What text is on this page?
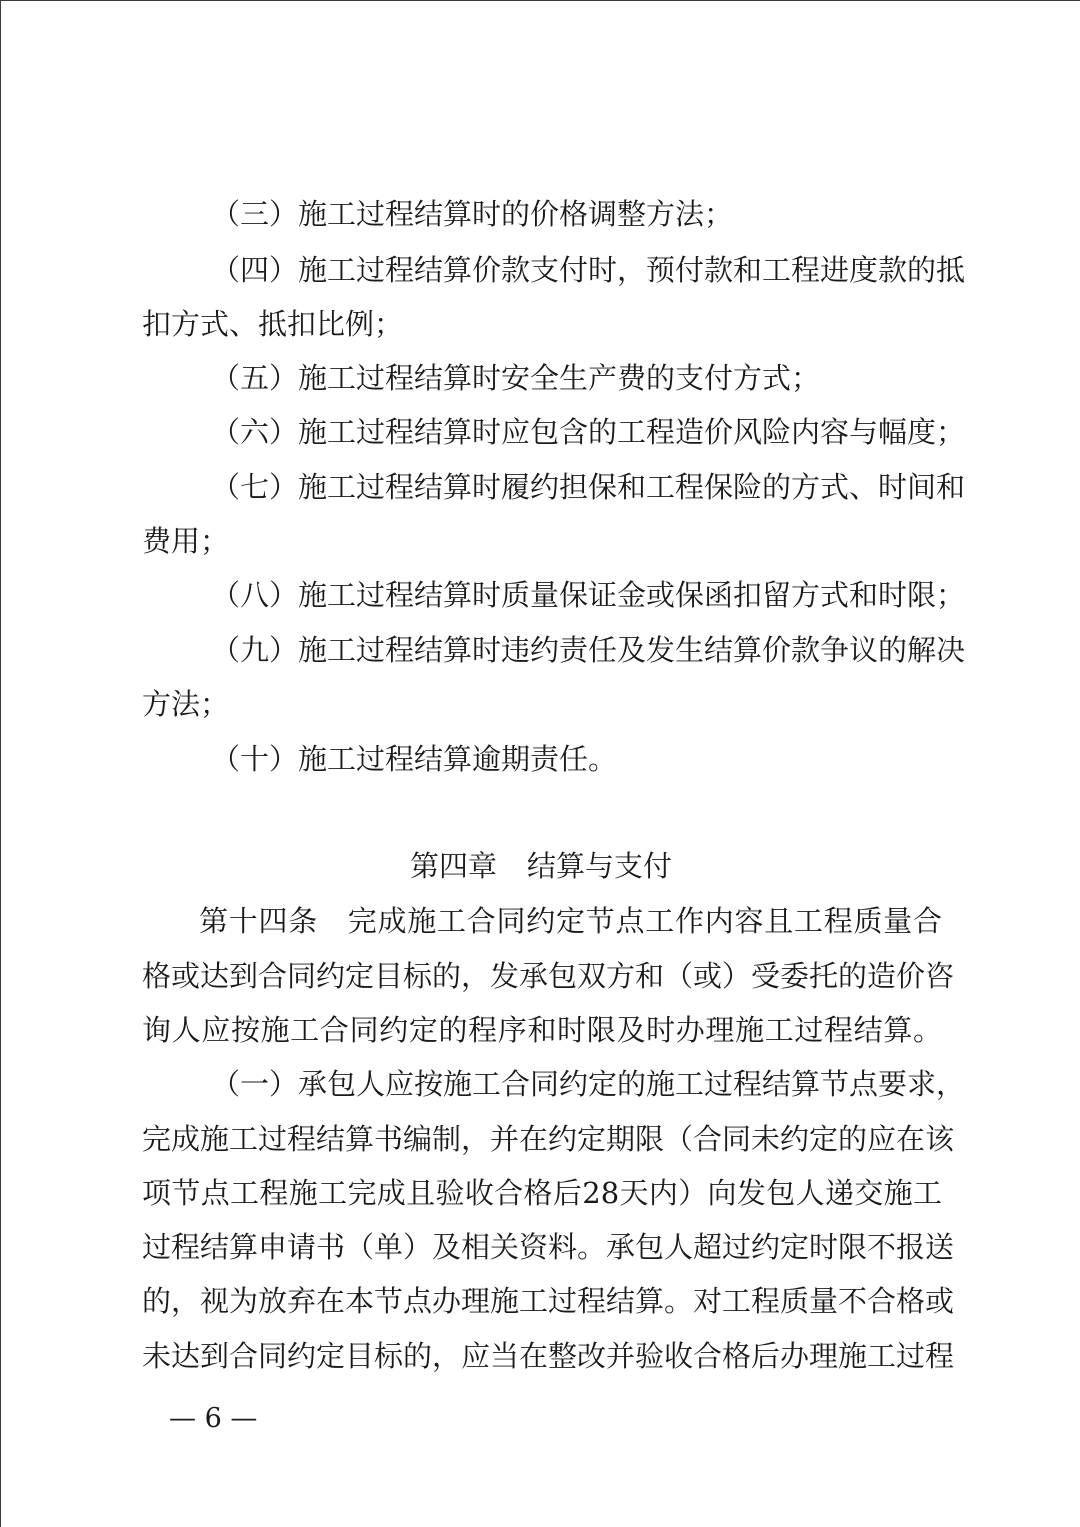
（三）施工过程结算时的价格调整方法；
（四）施工过程结算价款支付时，预付款和工程进度款的抵
扣方式、抵扣比例；
（五）施工过程结算时安全生产费的支付方式；
（六）施工过程结算时应包含的工程造价风险内容与幅度；
（七）施工过程结算时履约担保和工程保险的方式、时间和
费用；
（八）施工过程结算时质量保证金或保函扣留方式和时限；
（九）施工过程结算时违约责任及发生结算价款争议的解决
方法；
（十）施工过程结算逾期责任。
第四章 结算与支付
第十四条　完成施工合同约定节点工作内容且工程质量合
格或达到合同约定目标的，发承包双方和（或）受委托的造价咨
询人应按施工合同约定的程序和时限及时办理施工过程结算。
（一）承包人应按施工合同约定的施工过程结算节点要求，
完成施工过程结算书编制，并在约定期限（合同未约定的应在该
项节点工程施工完成且验收合格后28天内）向发包人递交施工
过程结算申请书（单）及相关资料。承包人超过约定时限不报送
的，视为放弃在本节点办理施工过程结算。对工程质量不合格或
未达到合同约定目标的，应当在整改并验收合格后办理施工过程
— 6 —
